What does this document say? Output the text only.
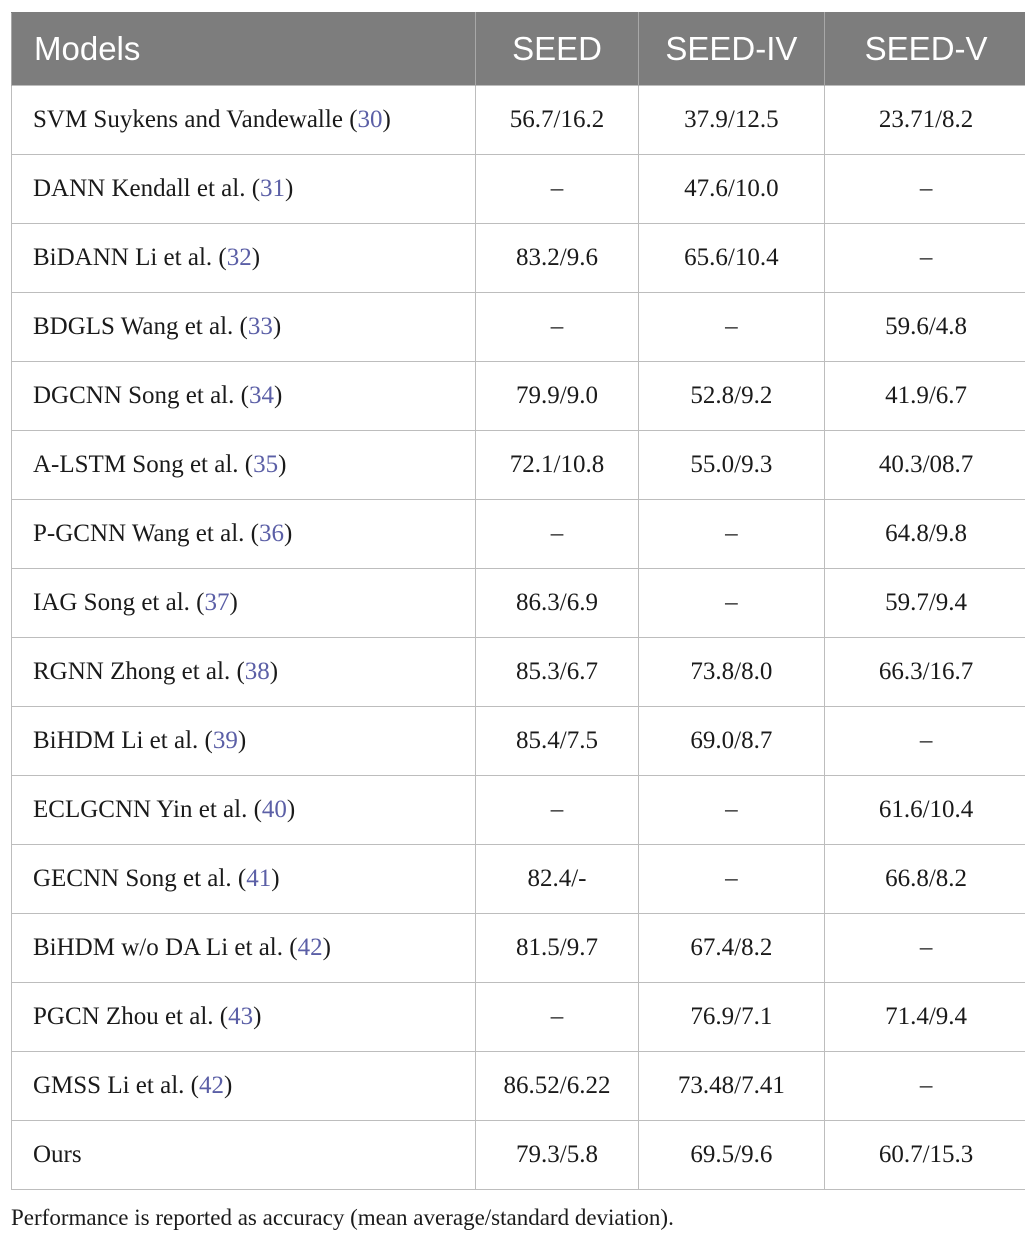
Models	SEED	SEED-IV	SEED-V
SVM Suykens and Vandewalle (30)	56.7/16.2	37.9/12.5	23.71/8.2
DANN Kendall et al. (31)	–	47.6/10.0	–
BiDANN Li et al. (32)	83.2/9.6	65.6/10.4	–
BDGLS Wang et al. (33)	–	–	59.6/4.8
DGCNN Song et al. (34)	79.9/9.0	52.8/9.2	41.9/6.7
A-LSTM Song et al. (35)	72.1/10.8	55.0/9.3	40.3/08.7
P-GCNN Wang et al. (36)	–	–	64.8/9.8
IAG Song et al. (37)	86.3/6.9	–	59.7/9.4
RGNN Zhong et al. (38)	85.3/6.7	73.8/8.0	66.3/16.7
BiHDM Li et al. (39)	85.4/7.5	69.0/8.7	–
ECLGCNN Yin et al. (40)	–	–	61.6/10.4
GECNN Song et al. (41)	82.4/-	–	66.8/8.2
BiHDM w/o DA Li et al. (42)	81.5/9.7	67.4/8.2	–
PGCN Zhou et al. (43)	–	76.9/7.1	71.4/9.4
GMSS Li et al. (42)	86.52/6.22	73.48/7.41	–
Ours	79.3/5.8	69.5/9.6	60.7/15.3
Performance is reported as accuracy (mean average/standard deviation).
